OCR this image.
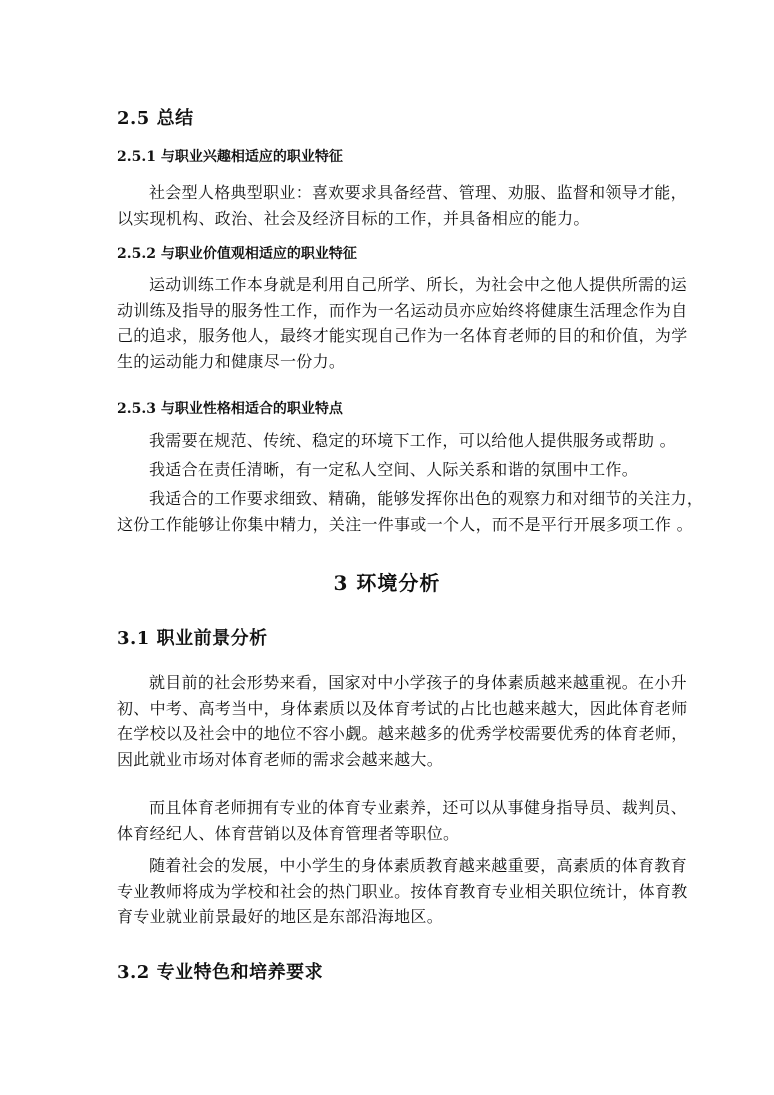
2.5 总结
2.5.1 与职业兴趣相适应的职业特征
社会型人格典型职业：喜欢要求具备经营、管理、劝服、监督和领导才能，
以实现机构、政治、社会及经济目标的工作，并具备相应的能力。
2.5.2 与职业价值观相适应的职业特征
运动训练工作本身就是利用自己所学、所长，为社会中之他人提供所需的运
动训练及指导的服务性工作，而作为一名运动员亦应始终将健康生活理念作为自
己的追求，服务他人，最终才能实现自己作为一名体育老师的目的和价值，为学
生的运动能力和健康尽一份力。
2.5.3 与职业性格相适合的职业特点
我需要在规范、传统、稳定的环境下工作，可以给他人提供服务或帮助 。
我适合在责任清晰，有一定私人空间、人际关系和谐的氛围中工作。
我适合的工作要求细致、精确，能够发挥你出色的观察力和对细节的关注力，
这份工作能够让你集中精力，关注一件事或一个人，而不是平行开展多项工作 。
3 环境分析
3.1 职业前景分析
就目前的社会形势来看，国家对中小学孩子的身体素质越来越重视。在小升
初、中考、高考当中，身体素质以及体育考试的占比也越来越大，因此体育老师
在学校以及社会中的地位不容小觑。越来越多的优秀学校需要优秀的体育老师，
因此就业市场对体育老师的需求会越来越大。
而且体育老师拥有专业的体育专业素养，还可以从事健身指导员、裁判员、
体育经纪人、体育营销以及体育管理者等职位。
随着社会的发展，中小学生的身体素质教育越来越重要，高素质的体育教育
专业教师将成为学校和社会的热门职业。按体育教育专业相关职位统计，体育教
育专业就业前景最好的地区是东部沿海地区。
3.2 专业特色和培养要求
